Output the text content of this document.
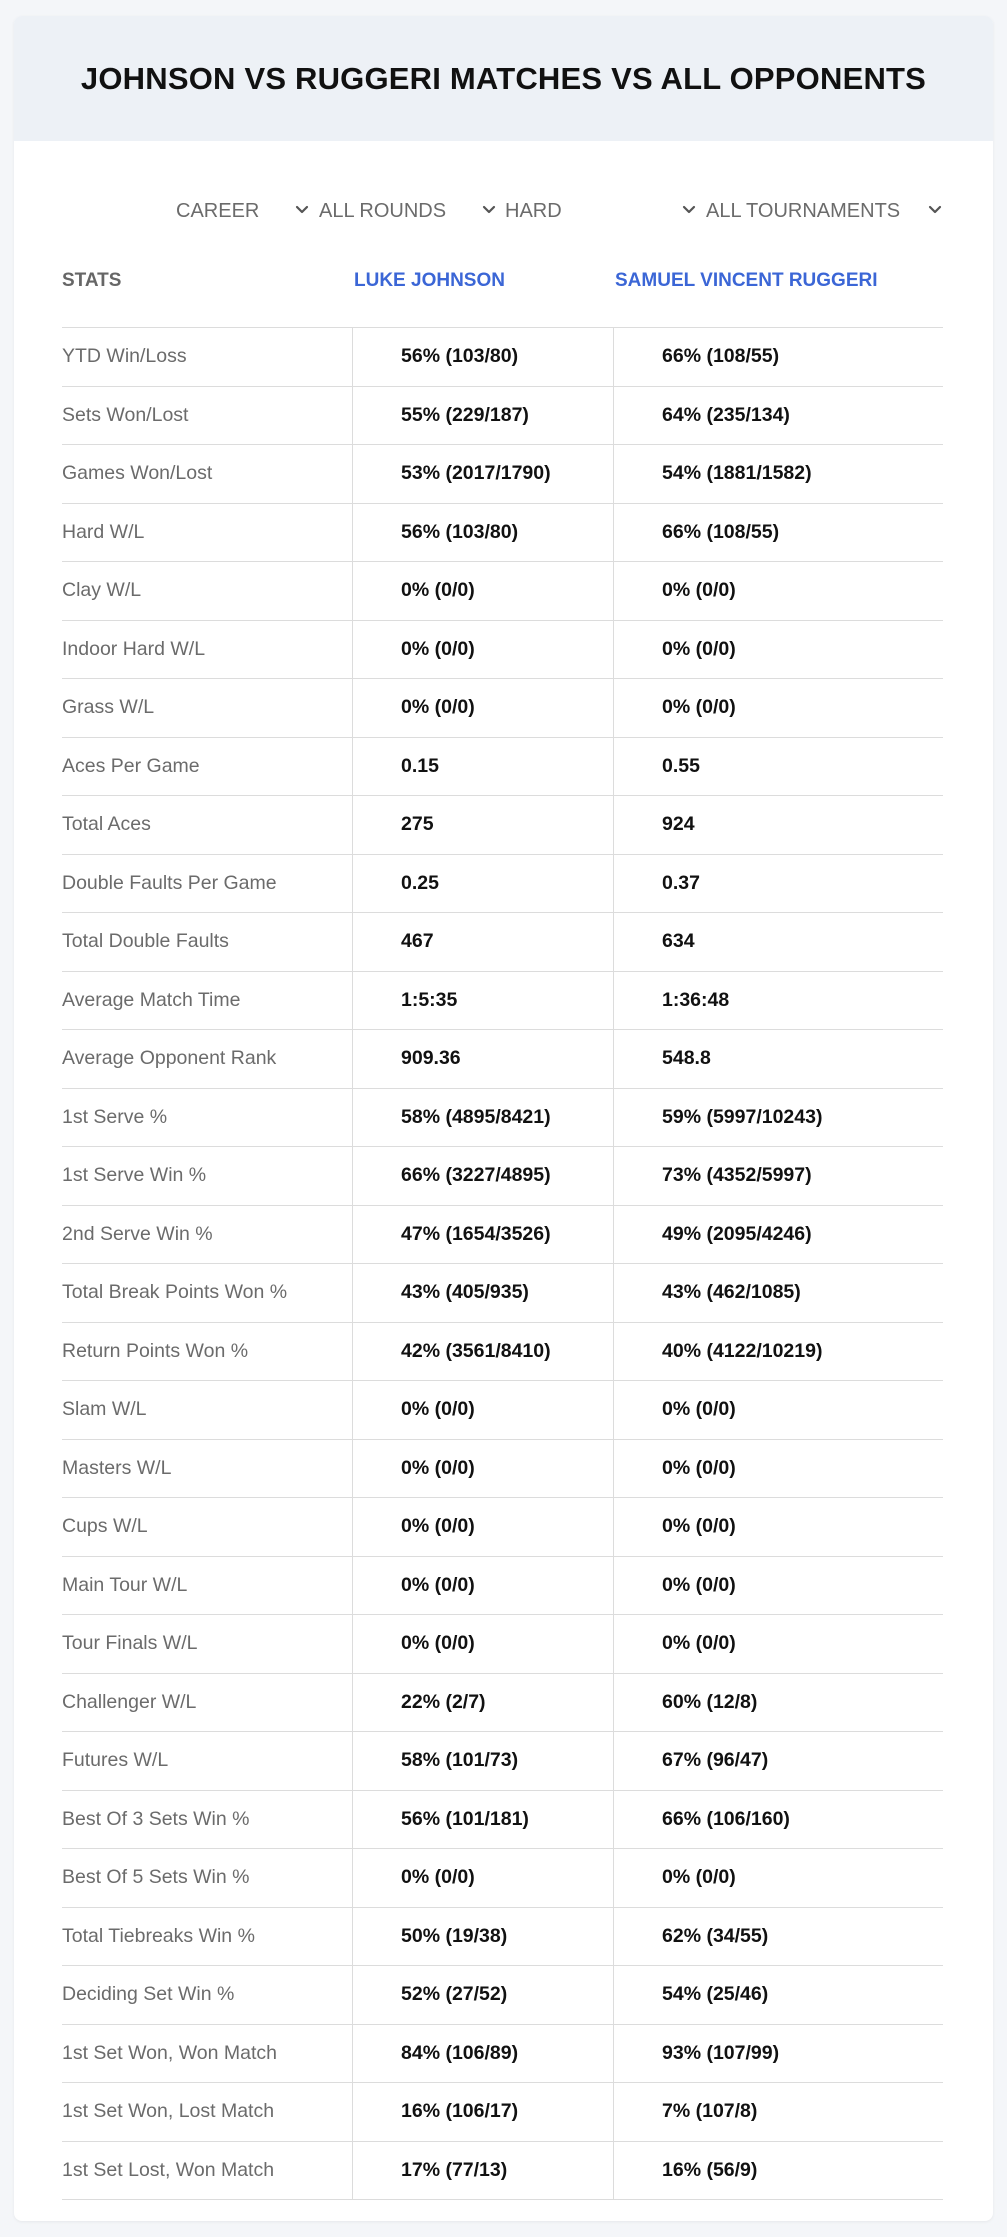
JOHNSON VS RUGGERI MATCHES VS ALL OPPONENTS
CAREER	ALL ROUNDS	HARD	ALL TOURNAMENTS
STATS	LUKE JOHNSON	SAMUEL VINCENT RUGGERI
YTD Win/Loss	56% (103/80)	66% (108/55)
Sets Won/Lost	55% (229/187)	64% (235/134)
Games Won/Lost	53% (2017/1790)	54% (1881/1582)
Hard W/L	56% (103/80)	66% (108/55)
Clay W/L	0% (0/0)	0% (0/0)
Indoor Hard W/L	0% (0/0)	0% (0/0)
Grass W/L	0% (0/0)	0% (0/0)
Aces Per Game	0.15	0.55
Total Aces	275	924
Double Faults Per Game	0.25	0.37
Total Double Faults	467	634
Average Match Time	1:5:35	1:36:48
Average Opponent Rank	909.36	548.8
1st Serve %	58% (4895/8421)	59% (5997/10243)
1st Serve Win %	66% (3227/4895)	73% (4352/5997)
2nd Serve Win %	47% (1654/3526)	49% (2095/4246)
Total Break Points Won %	43% (405/935)	43% (462/1085)
Return Points Won %	42% (3561/8410)	40% (4122/10219)
Slam W/L	0% (0/0)	0% (0/0)
Masters W/L	0% (0/0)	0% (0/0)
Cups W/L	0% (0/0)	0% (0/0)
Main Tour W/L	0% (0/0)	0% (0/0)
Tour Finals W/L	0% (0/0)	0% (0/0)
Challenger W/L	22% (2/7)	60% (12/8)
Futures W/L	58% (101/73)	67% (96/47)
Best Of 3 Sets Win %	56% (101/181)	66% (106/160)
Best Of 5 Sets Win %	0% (0/0)	0% (0/0)
Total Tiebreaks Win %	50% (19/38)	62% (34/55)
Deciding Set Win %	52% (27/52)	54% (25/46)
1st Set Won, Won Match	84% (106/89)	93% (107/99)
1st Set Won, Lost Match	16% (106/17)	7% (107/8)
1st Set Lost, Won Match	17% (77/13)	16% (56/9)
